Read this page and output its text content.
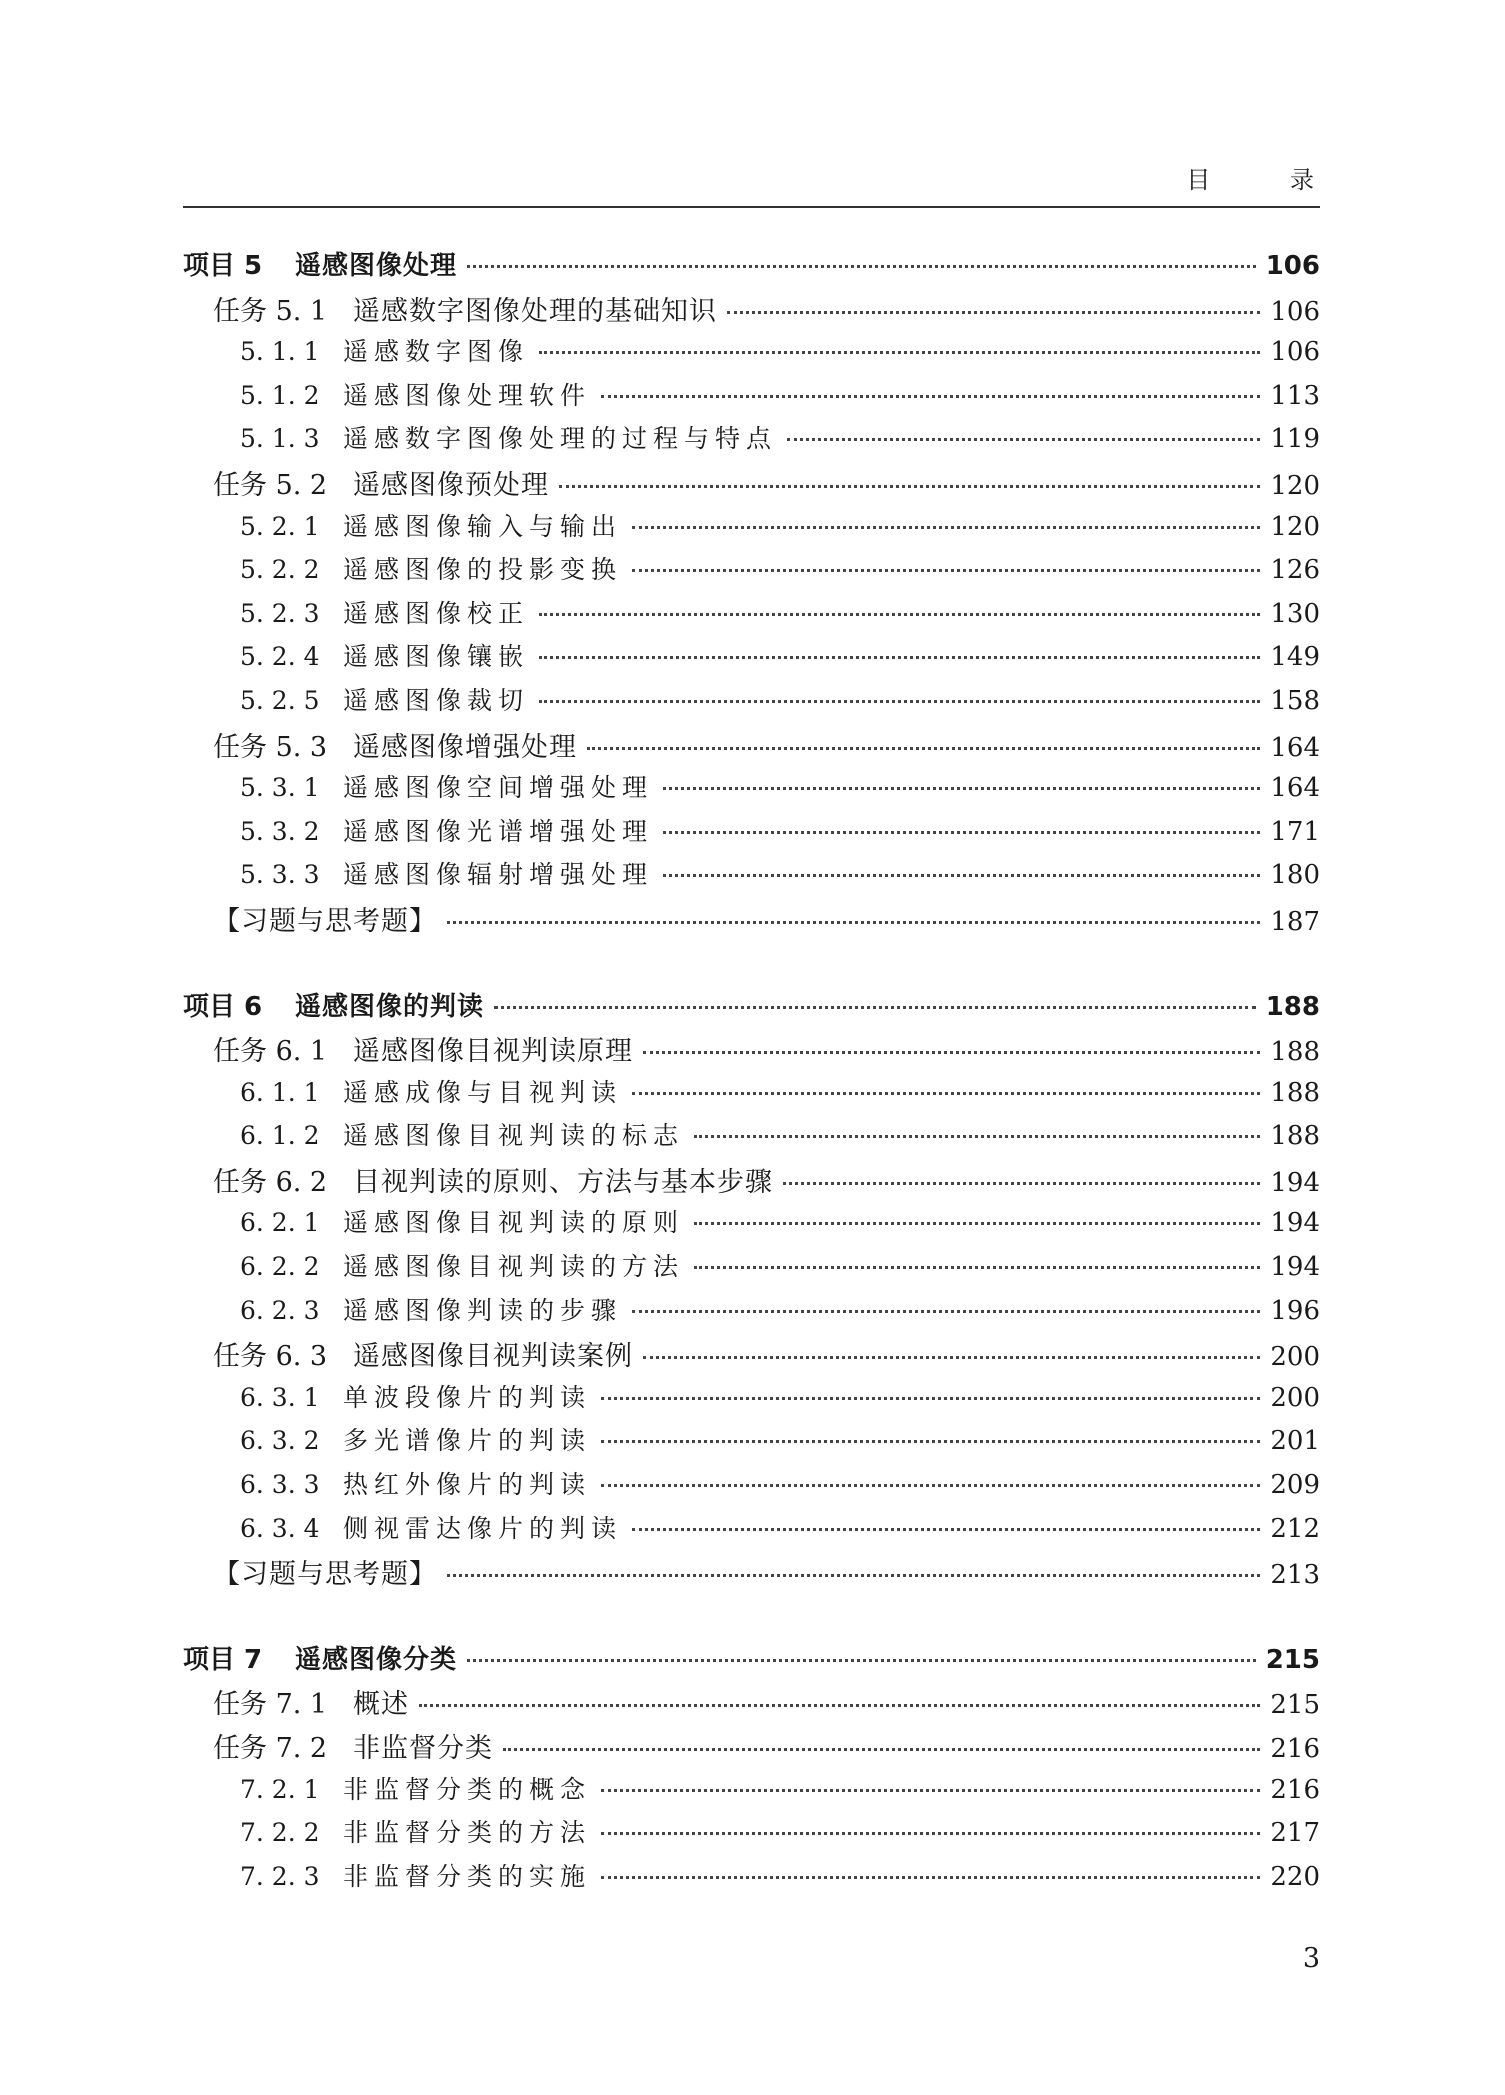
目 录
项目 5	遥感图像处理	106
任务 5. 1 遥感数字图像处理的基础知识	106
5. 1. 1 遥感数字图像	106
5. 1. 2 遥感图像处理软件	113
5. 1. 3 遥感数字图像处理的过程与特点	119
任务 5. 2 遥感图像预处理	120
5. 2. 1 遥感图像输入与输出	120
5. 2. 2 遥感图像的投影变换	126
5. 2. 3 遥感图像校正	130
5. 2. 4 遥感图像镶嵌	149
5. 2. 5 遥感图像裁切	158
任务 5. 3 遥感图像增强处理	164
5. 3. 1 遥感图像空间增强处理	164
5. 3. 2 遥感图像光谱增强处理	171
5. 3. 3 遥感图像辐射增强处理	180
【习题与思考题】	187
项目 6	遥感图像的判读	188
任务 6. 1 遥感图像目视判读原理	188
6. 1. 1 遥感成像与目视判读	188
6. 1. 2 遥感图像目视判读的标志	188
任务 6. 2 目视判读的原则、方法与基本步骤	194
6. 2. 1 遥感图像目视判读的原则	194
6. 2. 2 遥感图像目视判读的方法	194
6. 2. 3 遥感图像判读的步骤	196
任务 6. 3 遥感图像目视判读案例	200
6. 3. 1 单波段像片的判读	200
6. 3. 2 多光谱像片的判读	201
6. 3. 3 热红外像片的判读	209
6. 3. 4 侧视雷达像片的判读	212
【习题与思考题】	213
项目 7	遥感图像分类	215
任务 7. 1 概述	215
任务 7. 2 非监督分类	216
7. 2. 1 非监督分类的概念	216
7. 2. 2 非监督分类的方法	217
7. 2. 3 非监督分类的实施	220
3
